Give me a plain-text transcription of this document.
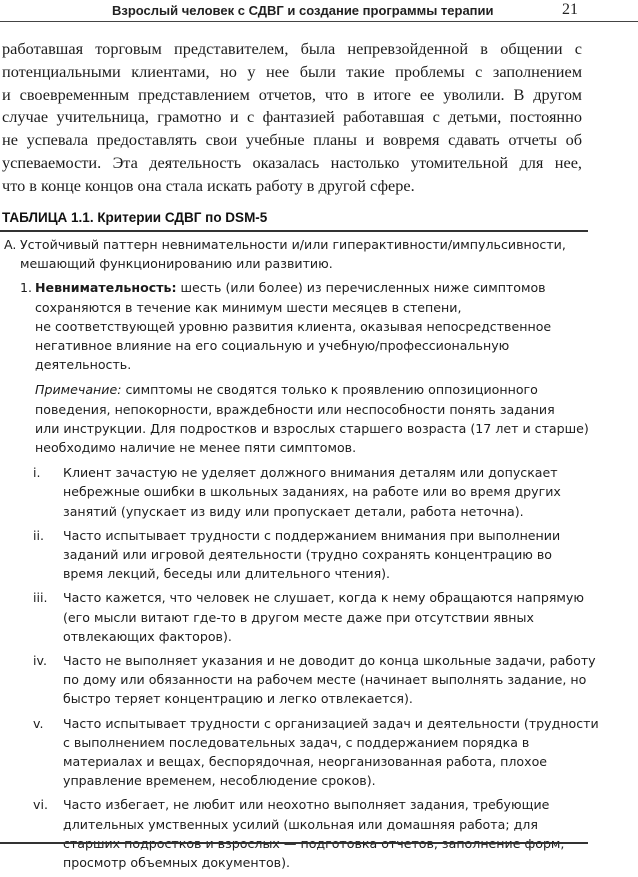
Взрослый человек с СДВГ и создание программы терапии	21
работавшая торговым представителем, была непревзойденной в общении с
потенциальными клиентами, но у нее были такие проблемы с заполнением
и своевременным представлением отчетов, что в итоге ее уволили. В другом
случае учительница, грамотно и с фантазией работавшая с детьми, постоянно
не успевала предоставлять свои учебные планы и вовремя сдавать отчеты об
успеваемости. Эта деятельность оказалась настолько утомительной для нее,
что в конце концов она стала искать работу в другой сфере.
ТАБЛИЦА 1.1. Критерии СДВГ по DSM-5
A. Устойчивый паттерн невнимательности и/или гиперактивности/импульсивности,
мешающий функционированию или развитию.
1. Невнимательность: шесть (или более) из перечисленных ниже симптомов
сохраняются в течение как минимум шести месяцев в степени,
не соответствующей уровню развития клиента, оказывая непосредственное
негативное влияние на его социальную и учебную/профессиональную
деятельность.
Примечание: симптомы не сводятся только к проявлению оппозиционного
поведения, непокорности, враждебности или неспособности понять задания
или инструкции. Для подростков и взрослых старшего возраста (17 лет и старше)
необходимо наличие не менее пяти симптомов.
i. Клиент зачастую не уделяет должного внимания деталям или допускает
небрежные ошибки в школьных заданиях, на работе или во время других
занятий (упускает из виду или пропускает детали, работа неточна).
ii. Часто испытывает трудности с поддержанием внимания при выполнении
заданий или игровой деятельности (трудно сохранять концентрацию во
время лекций, беседы или длительного чтения).
iii. Часто кажется, что человек не слушает, когда к нему обращаются напрямую
(его мысли витают где-то в другом месте даже при отсутствии явных
отвлекающих факторов).
iv. Часто не выполняет указания и не доводит до конца школьные задачи, работу
по дому или обязанности на рабочем месте (начинает выполнять задание, но
быстро теряет концентрацию и легко отвлекается).
v. Часто испытывает трудности с организацией задач и деятельности (трудности
с выполнением последовательных задач, с поддержанием порядка в
материалах и вещах, беспорядочная, неорганизованная работа, плохое
управление временем, несоблюдение сроков).
vi. Часто избегает, не любит или неохотно выполняет задания, требующие
длительных умственных усилий (школьная или домашняя работа; для
просмотр объемных документов).
